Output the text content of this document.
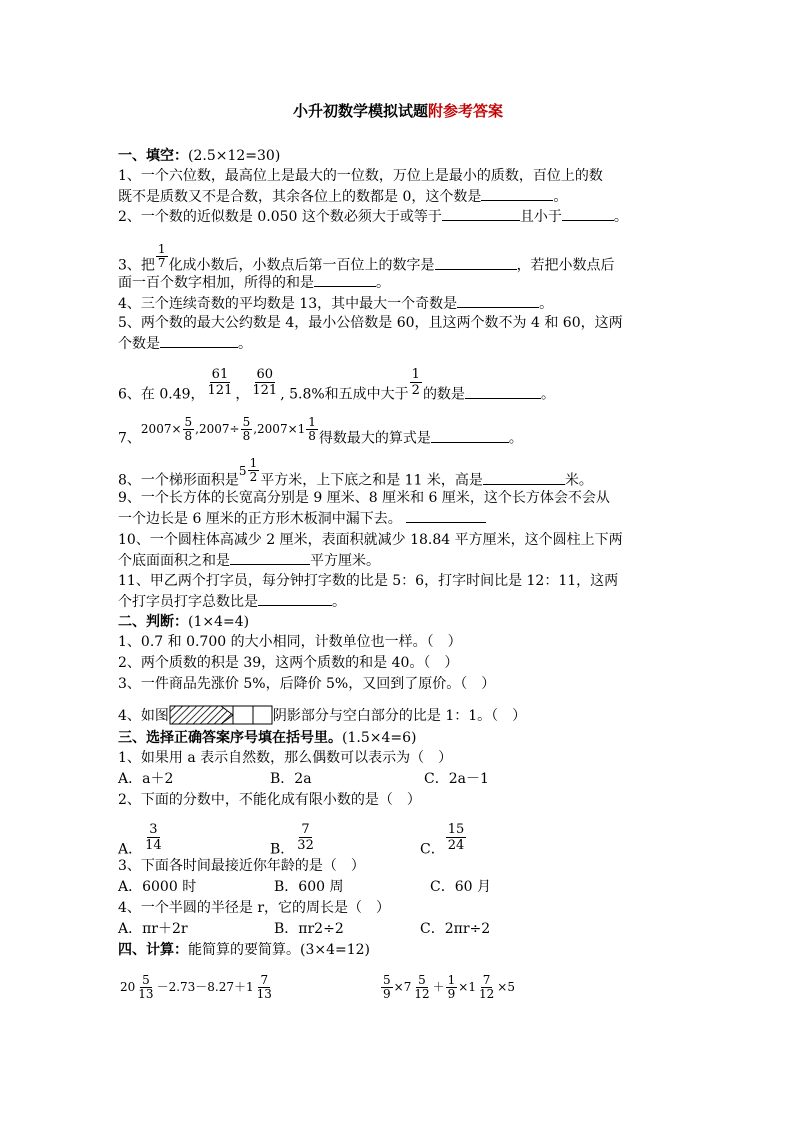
小升初数学模拟试题附参考答案
一、填空：(2.5×12=30)
1、一个六位数，最高位上是最大的一位数，万位上是最小的质数，百位上的数
既不是质数又不是合数，其余各位上的数都是 0，这个数是	。
2、一个数的近似数是 0.050 这个数必须大于或等于	且小于	。
3、把 $\frac{1}{7}$ 化成小数后，小数点后第一百位上的数字是	，若把小数点后
面一百个数字相加，所得的和是	。
4、三个连续奇数的平均数是 13，其中最大一个奇数是	。
5、两个数的最大公约数是 4，最小公倍数是 60，且这两个数不为 4 和 60，这两
个数是	。
6、在 0.49， $\frac{61}{121}$ ， $\frac{60}{121}$ , 5.8%和五成中大于 $\frac{1}{2}$ 的数是	。
7、$2007\times \frac{5}{8} ,2007\div \frac{5}{8} ,2007\times 1 \frac{1}{8}$ 得数最大的算式是	。
8、一个梯形面积是
$5 \frac{1}{2}$ 平方米，上下底之和是 11 米，高是	米。
9、一个长方体的长宽高分别是 9 厘米、8 厘米和 6 厘米，这个长方体会不会从
一个边长是 6 厘米的正方形木板洞中漏下去。
10、一个圆柱体高减少 2 厘米，表面积就减少 18.84 平方厘米，这个圆柱上下两
个底面面积之和是	平方厘米。
11、甲乙两个打字员，每分钟打字数的比是 5：6，打字时间比是 12：11，这两
个打字员打字总数比是	。
二、判断：(1×4=4)
1、0.7 和 0.700 的大小相同，计数单位也一样。（　）
2、两个质数的积是 39，这两个质数的和是 40。（　）
3、一件商品先涨价 5%，后降价 5%，又回到了原价。（　）
4、如图	阴影部分与空白部分的比是 1：1。（　）
三、选择正确答案序号填在括号里。(1.5×4=6)
1、如果用 a 表示自然数，那么偶数可以表示为（　）
A．a＋2	B．2a	C．2a－1
2、下面的分数中，不能化成有限小数的是（　）
A． $\frac{3}{14}$	B． $\frac{7}{32}$	C． $\frac{15}{24}$
3、下面各时间最接近你年龄的是（　）
A．6000 时	B．600 周	C．60 月
4、一个半圆的半径是 r，它的周长是（　）
A．πr＋2r	B．πr2÷2	C．2πr÷2
四、计算：能简算的要简算。(3×4=12)
$20 \frac{5}{13} -2.73-8.27+1 \frac{7}{13}$	$\frac{5}{9} \times 7 \frac{5}{12} + \frac{1}{9} \times 1 \frac{7}{12} \times 5$
